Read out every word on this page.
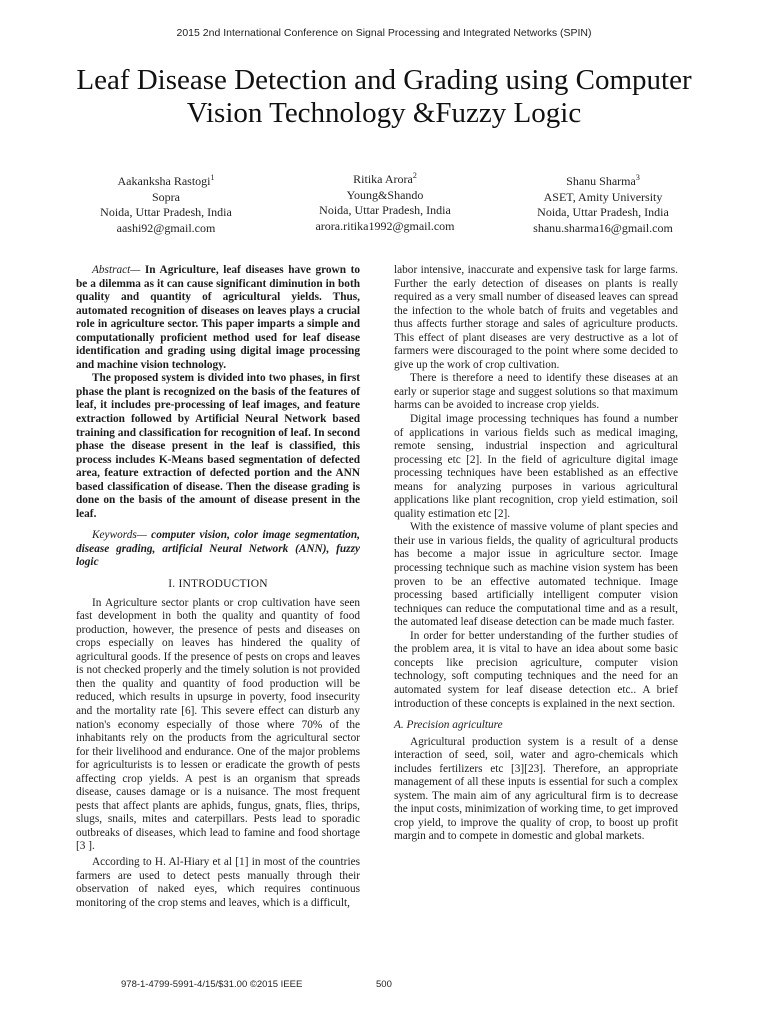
2015 2nd International Conference on Signal Processing and Integrated Networks (SPIN)
Leaf Disease Detection and Grading using Computer
Vision Technology &Fuzzy Logic
Aakanksha Rastogi$^1$
Sopra
Noida, Uttar Pradesh, India
aashi92@gmail.com
Ritika Arora$^2$
Young&Shando
Noida, Uttar Pradesh, India
arora.ritika1992@gmail.com
Shanu Sharma$^3$
ASET, Amity University
Noida, Uttar Pradesh, India
shanu.sharma16@gmail.com

Abstract— In Agriculture, leaf diseases have grown to be a dilemma as it can cause significant diminution in both quality and quantity of agricultural yields. Thus, automated recognition of diseases on leaves plays a crucial role in agriculture sector. This paper imparts a simple and computationally proficient method used for leaf disease identification and grading using digital image processing and machine vision technology.

The proposed system is divided into two phases, in first phase the plant is recognized on the basis of the features of leaf, it includes pre-processing of leaf images, and feature extraction followed by Artificial Neural Network based training and classification for recognition of leaf. In second phase the disease present in the leaf is classified, this process includes K-Means based segmentation of defected area, feature extraction of defected portion and the ANN based classification of disease. Then the disease grading is done on the basis of the amount of disease present in the leaf.

Keywords— computer vision, color image segmentation, disease grading, artificial Neural Network (ANN), fuzzy logic

I. INTRODUCTION

In Agriculture sector plants or crop cultivation have seen fast development in both the quality and quantity of food production, however, the presence of pests and diseases on crops especially on leaves has hindered the quality of agricultural goods. If the presence of pests on crops and leaves is not checked properly and the timely solution is not provided then the quality and quantity of food production will be reduced, which results in upsurge in poverty, food insecurity and the mortality rate [6]. This severe effect can disturb any nation's economy especially of those where 70% of the inhabitants rely on the products from the agricultural sector for their livelihood and endurance. One of the major problems for agriculturists is to lessen or eradicate the growth of pests affecting crop yields. A pest is an organism that spreads disease, causes damage or is a nuisance. The most frequent pests that affect plants are aphids, fungus, gnats, flies, thrips, slugs, snails, mites and caterpillars. Pests lead to sporadic outbreaks of diseases, which lead to famine and food shortage [3 ].

According to H. Al-Hiary et al [1] in most of the countries farmers are used to detect pests manually through their observation of naked eyes, which requires continuous monitoring of the crop stems and leaves, which is a difficult,

labor intensive, inaccurate and expensive task for large farms. Further the early detection of diseases on plants is really required as a very small number of diseased leaves can spread the infection to the whole batch of fruits and vegetables and thus affects further storage and sales of agriculture products. This effect of plant diseases are very destructive as a lot of farmers were discouraged to the point where some decided to give up the work of crop cultivation.

There is therefore a need to identify these diseases at an early or superior stage and suggest solutions so that maximum harms can be avoided to increase crop yields.

Digital image processing techniques has found a number of applications in various fields such as medical imaging, remote sensing, industrial inspection and agricultural processing etc [2]. In the field of agriculture digital image processing techniques have been established as an effective means for analyzing purposes in various agricultural applications like plant recognition, crop yield estimation, soil quality estimation etc [2].

With the existence of massive volume of plant species and their use in various fields, the quality of agricultural products has become a major issue in agriculture sector. Image processing technique such as machine vision system has been proven to be an effective automated technique. Image processing based artificially intelligent computer vision techniques can reduce the computational time and as a result, the automated leaf disease detection can be made much faster.

In order for better understanding of the further studies of the problem area, it is vital to have an idea about some basic concepts like precision agriculture, computer vision technology, soft computing techniques and the need for an automated system for leaf disease detection etc.. A brief introduction of these concepts is explained in the next section.

A. Precision agriculture

Agricultural production system is a result of a dense interaction of seed, soil, water and agro-chemicals which includes fertilizers etc [3][23]. Therefore, an appropriate management of all these inputs is essential for such a complex system. The main aim of any agricultural firm is to decrease the input costs, minimization of working time, to get improved crop yield, to improve the quality of crop, to boost up profit margin and to compete in domestic and global markets.

978-1-4799-5991-4/15/$31.00 ©2015 IEEE	500
